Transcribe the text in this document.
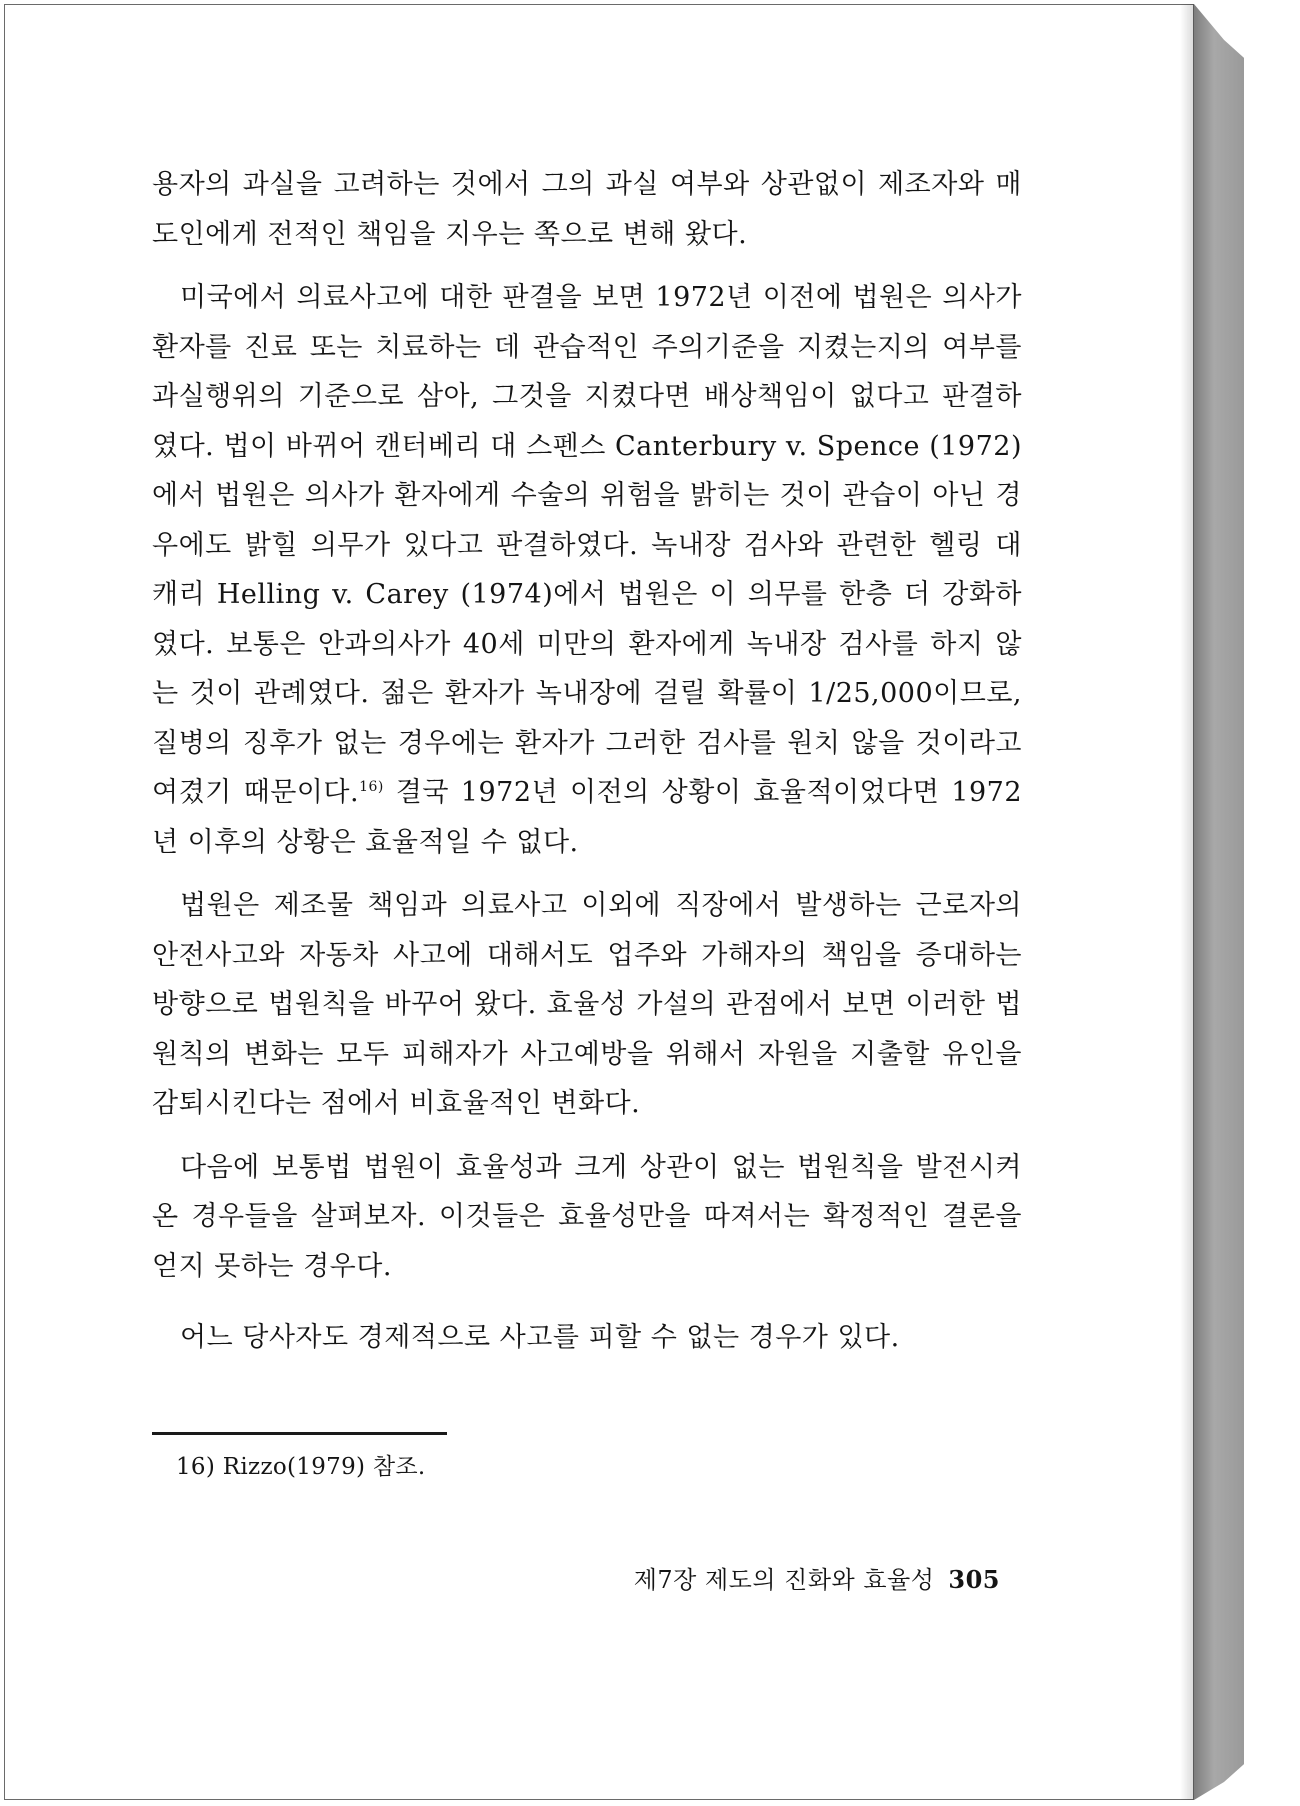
용자의 과실을 고려하는 것에서 그의 과실 여부와 상관없이 제조자와 매도인에게 전적인 책임을 지우는 쪽으로 변해 왔다.

미국에서 의료사고에 대한 판결을 보면 1972년 이전에 법원은 의사가 환자를 진료 또는 치료하는 데 관습적인 주의기준을 지켰는지의 여부를 과실행위의 기준으로 삼아, 그것을 지켰다면 배상책임이 없다고 판결하였다. 법이 바뀌어 캔터베리 대 스펜스 Canterbury v. Spence (1972)에서 법원은 의사가 환자에게 수술의 위험을 밝히는 것이 관습이 아닌 경우에도 밝힐 의무가 있다고 판결하였다. 녹내장 검사와 관련한 헬링 대 캐리 Helling v. Carey (1974)에서 법원은 이 의무를 한층 더 강화하였다. 보통은 안과의사가 40세 미만의 환자에게 녹내장 검사를 하지 않는 것이 관례였다. 젊은 환자가 녹내장에 걸릴 확률이 1/25,000이므로, 질병의 징후가 없는 경우에는 환자가 그러한 검사를 원치 않을 것이라고 여겼기 때문이다.$^{16)}$ 결국 1972년 이전의 상황이 효율적이었다면 1972년 이후의 상황은 효율적일 수 없다.

법원은 제조물 책임과 의료사고 이외에 직장에서 발생하는 근로자의 안전사고와 자동차 사고에 대해서도 업주와 가해자의 책임을 증대하는 방향으로 법원칙을 바꾸어 왔다. 효율성 가설의 관점에서 보면 이러한 법원칙의 변화는 모두 피해자가 사고예방을 위해서 자원을 지출할 유인을 감퇴시킨다는 점에서 비효율적인 변화다.

다음에 보통법 법원이 효율성과 크게 상관이 없는 법원칙을 발전시켜 온 경우들을 살펴보자. 이것들은 효율성만을 따져서는 확정적인 결론을 얻지 못하는 경우다.

어느 당사자도 경제적으로 사고를 피할 수 없는 경우가 있다.

16) Rizzo(1979) 참조.
제7장 제도의 진화와 효율성 305
